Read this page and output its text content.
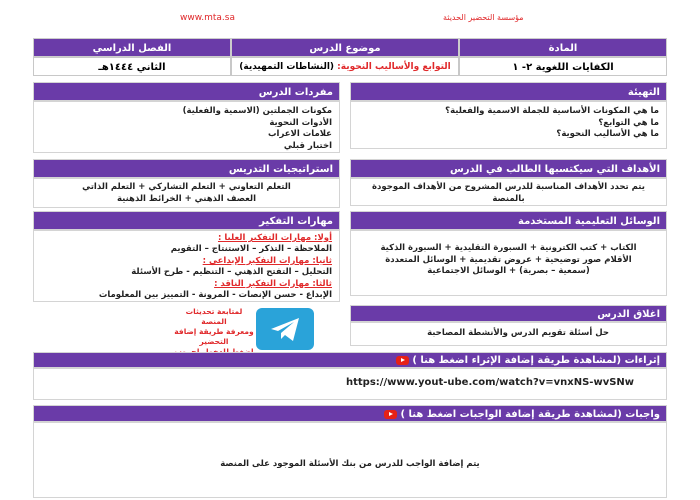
www.mta.sa	مؤسسة التحضير الحديثة
المادة
موضوع الدرس
الفصل الدراسي
الكفايات اللغوية ٢- ١
التوابع والأساليب النحوية: (النشاطات التمهيدية)
الثاني ١٤٤٤هـ
التهيئة
ما هي المكونات الأساسية للجملة الاسمية والفعلية؟
ما هي التوابع؟
ما هي الأساليب النحوية؟
مفردات الدرس
مكونات الجملتين (الاسمية والفعلية)
الأدوات النحوية
علامات الاعراب
اختبار قبلي
الأهداف التي سيكتسبها الطالب في الدرس
يتم تحدد الأهداف المناسبة للدرس المشروح من الأهداف الموجودة
بالمنصة
استراتيجيات التدريس
التعلم التعاوني + التعلم التشاركي + التعلم الذاتي
العصف الذهني + الخرائط الذهنية
الوسائل التعليمية المستخدمة
الكتاب + كتب الكترونية + السبورة التقليدية + السبورة الذكية
الأقلام صور توضيحية + عروض تقديمية + الوسائل المتعددة
(سمعية – بصرية) + الوسائل الاجتماعية
مهارات التفكير
أولا: مهارات التفكير العليا :
الملاحظة – التذكر – الاستنتاج – التقويم
ثانيا: مهارات التفكير الإبداعي :
التحليل – التفتح الذهني – التنظيم - طرح الأسئلة
ثالثا: مهارات التفكير الناقد :
الإبداع - حسن الإنصات - المرونة - التمييز بين المعلومات
لمتابعة تحديثات المنصة
ومعرفة طريقة إضافة التحضير
اغلاق الدرس
حل أسئلة تقويم الدرس والأنشطة المصاحبة
إثراءات (لمشاهدة طريقة إضافة الإثراء اضغط هنا )
https://www.yout-ube.com/watch?v=vnxNS-wvSNw
واجبات (لمشاهدة طريقة إضافة الواجبات اضغط هنا )
يتم إضافة الواجب للدرس من بنك الأسئلة الموجود على المنصة
